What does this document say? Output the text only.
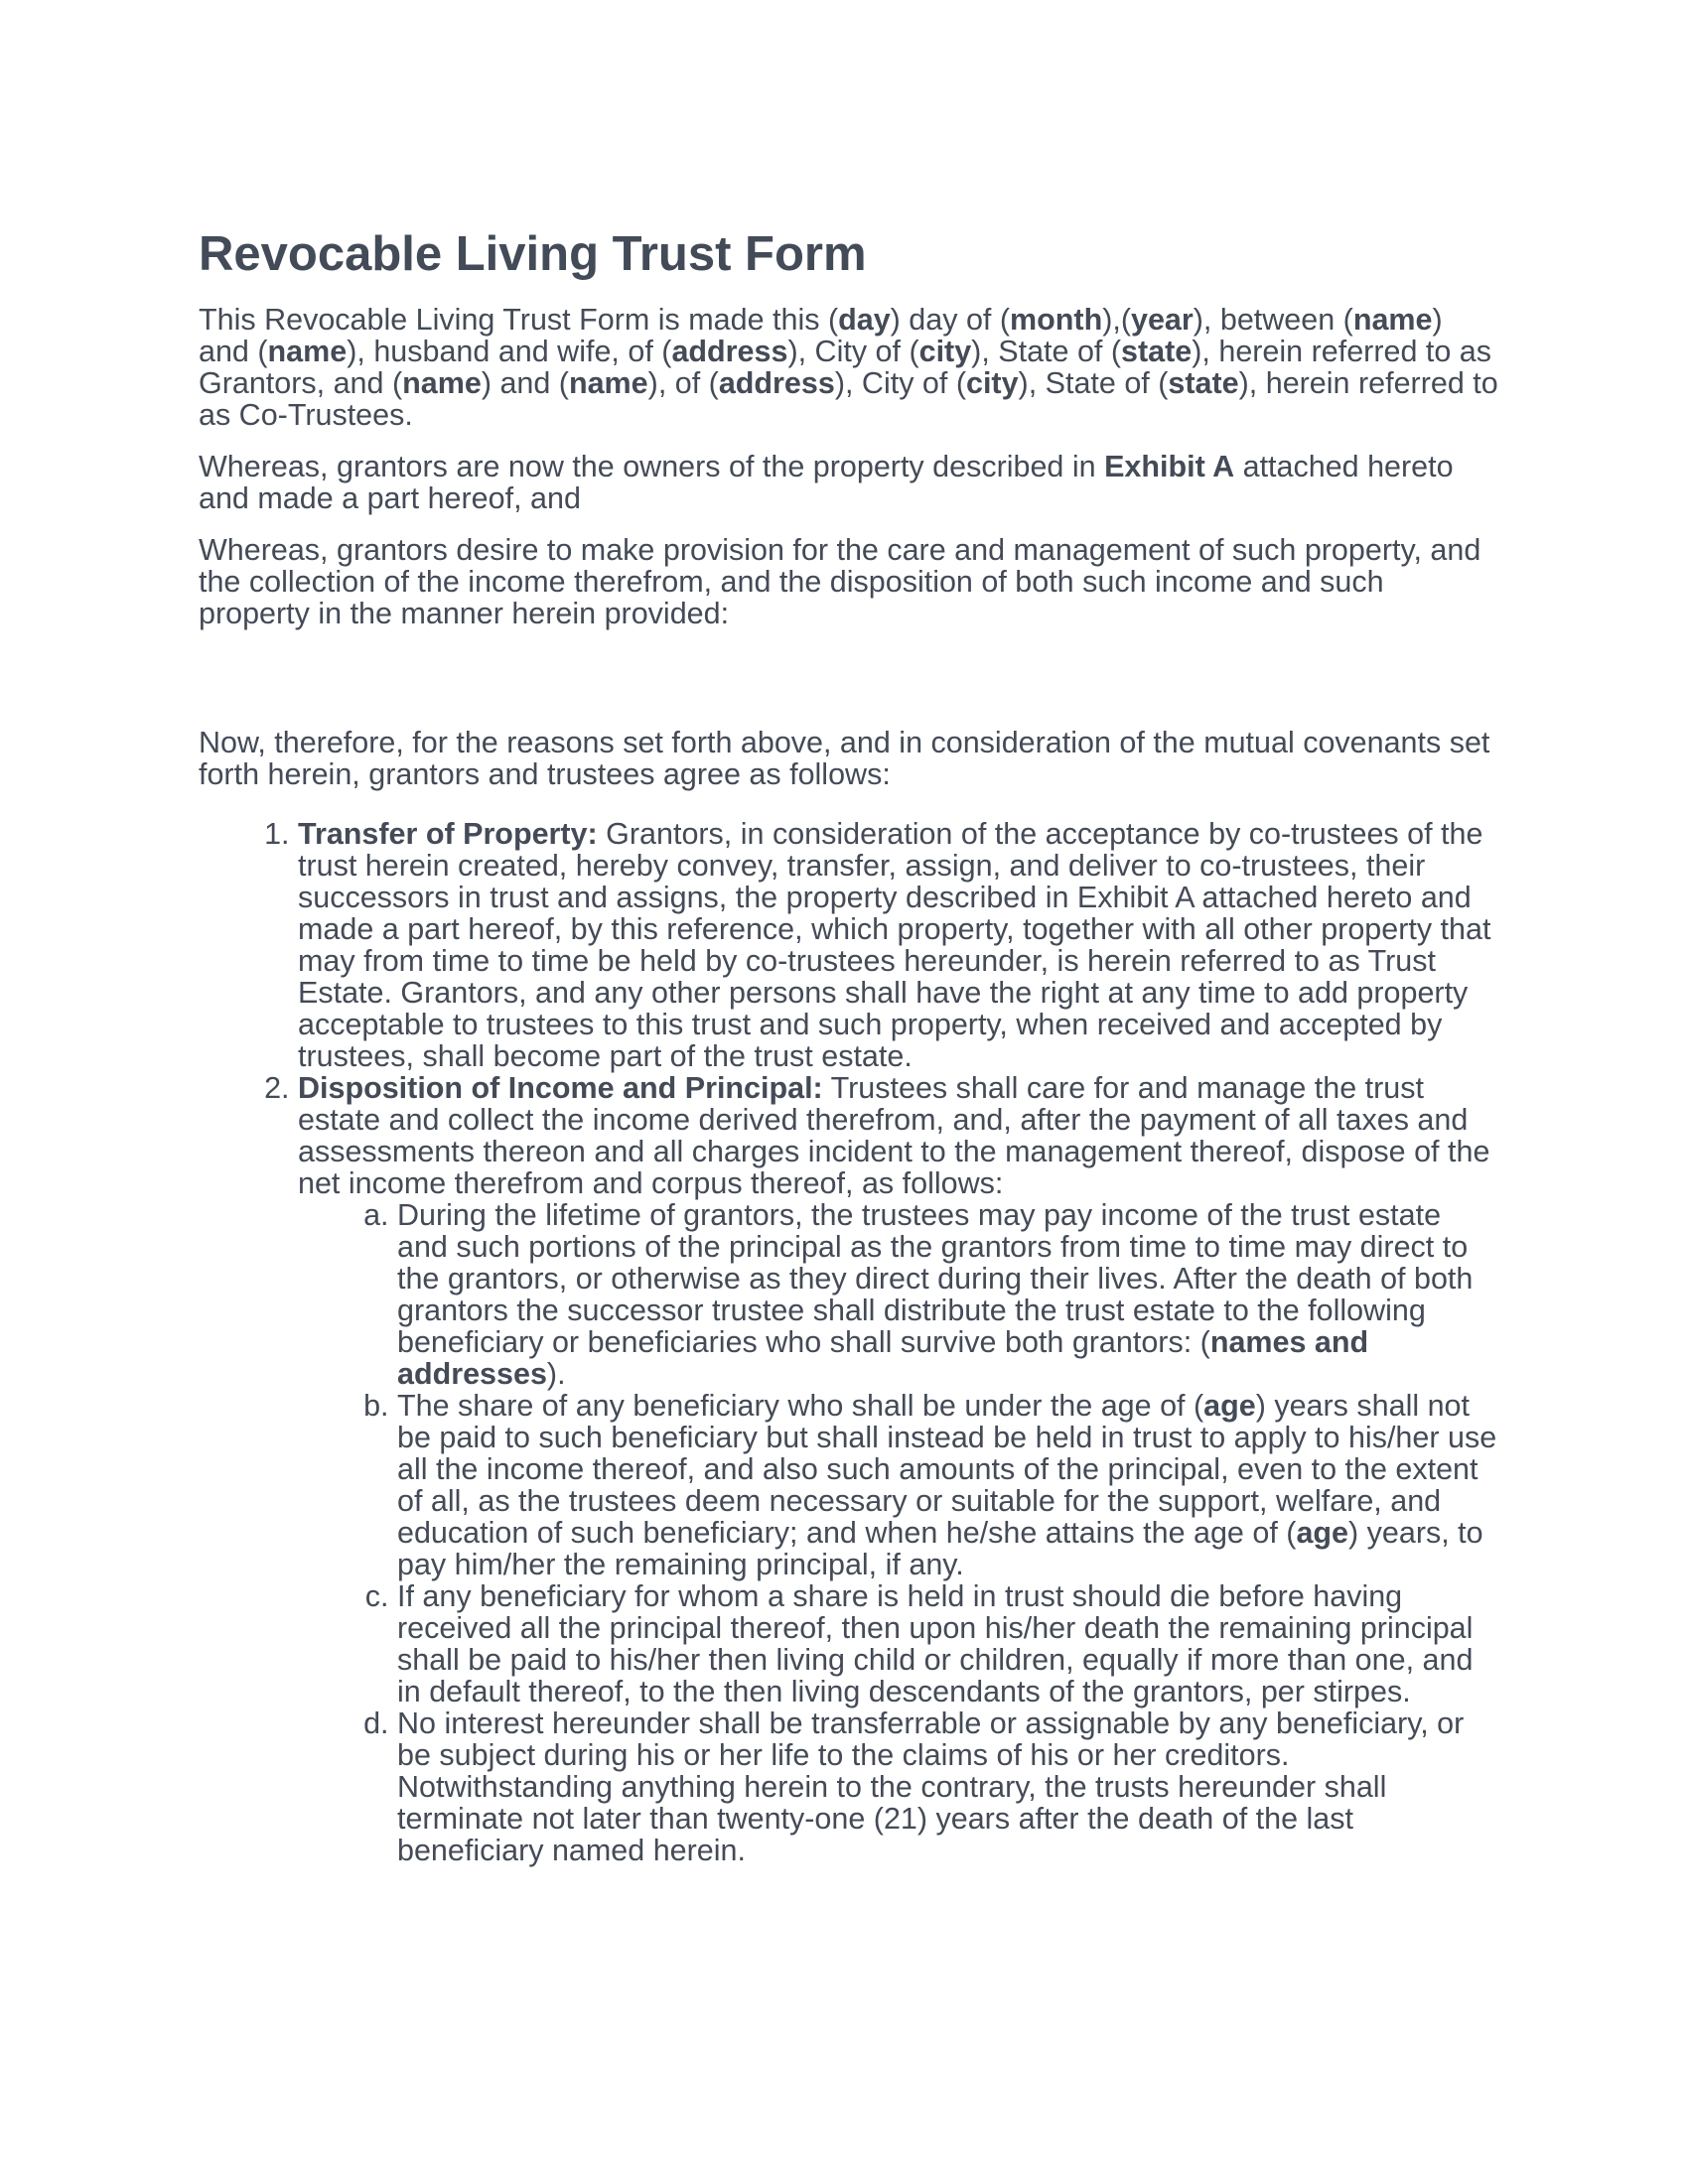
Revocable Living Trust Form

This Revocable Living Trust Form is made this (day) day of (month),(year), between (name) and (name), husband and wife, of (address), City of (city), State of (state), herein referred to as Grantors, and (name) and (name), of (address), City of (city), State of (state), herein referred to as Co-Trustees.

Whereas, grantors are now the owners of the property described in Exhibit A attached hereto and made a part hereof, and

Whereas, grantors desire to make provision for the care and management of such property, and the collection of the income therefrom, and the disposition of both such income and such property in the manner herein provided:

Now, therefore, for the reasons set forth above, and in consideration of the mutual covenants set forth herein, grantors and trustees agree as follows:

1. Transfer of Property: Grantors, in consideration of the acceptance by co-trustees of the trust herein created, hereby convey, transfer, assign, and deliver to co-trustees, their successors in trust and assigns, the property described in Exhibit A attached hereto and made a part hereof, by this reference, which property, together with all other property that may from time to time be held by co-trustees hereunder, is herein referred to as Trust Estate. Grantors, and any other persons shall have the right at any time to add property acceptable to trustees to this trust and such property, when received and accepted by trustees, shall become part of the trust estate.
2. Disposition of Income and Principal: Trustees shall care for and manage the trust estate and collect the income derived therefrom, and, after the payment of all taxes and assessments thereon and all charges incident to the management thereof, dispose of the net income therefrom and corpus thereof, as follows:
a. During the lifetime of grantors, the trustees may pay income of the trust estate and such portions of the principal as the grantors from time to time may direct to the grantors, or otherwise as they direct during their lives. After the death of both grantors the successor trustee shall distribute the trust estate to the following beneficiary or beneficiaries who shall survive both grantors: (names and addresses).
b. The share of any beneficiary who shall be under the age of (age) years shall not be paid to such beneficiary but shall instead be held in trust to apply to his/her use all the income thereof, and also such amounts of the principal, even to the extent of all, as the trustees deem necessary or suitable for the support, welfare, and education of such beneficiary; and when he/she attains the age of (age) years, to pay him/her the remaining principal, if any.
c. If any beneficiary for whom a share is held in trust should die before having received all the principal thereof, then upon his/her death the remaining principal shall be paid to his/her then living child or children, equally if more than one, and in default thereof, to the then living descendants of the grantors, per stirpes.
d. No interest hereunder shall be transferrable or assignable by any beneficiary, or be subject during his or her life to the claims of his or her creditors. Notwithstanding anything herein to the contrary, the trusts hereunder shall terminate not later than twenty-one (21) years after the death of the last beneficiary named herein.
